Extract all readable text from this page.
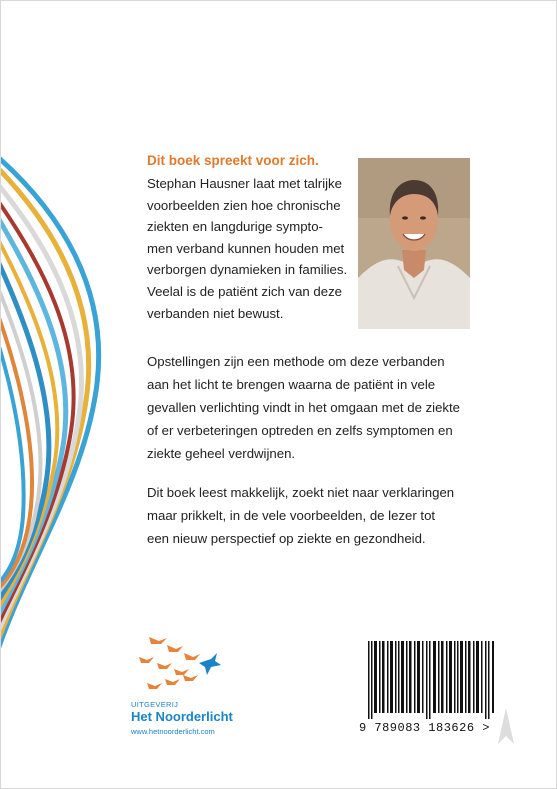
Dit boek spreekt voor zich.
Stephan Hausner laat met talrijke
voorbeelden zien hoe chronische
ziekten en langdurige sympto-
men verband kunnen houden met
verborgen dynamieken in families.
Veelal is de patiënt zich van deze
verbanden niet bewust.
Opstellingen zijn een methode om deze verbanden
aan het licht te brengen waarna de patiënt in vele
gevallen verlichting vindt in het omgaan met de ziekte
of er verbeteringen optreden en zelfs symptomen en
ziekte geheel verdwijnen.
Dit boek leest makkelijk, zoekt niet naar verklaringen
maar prikkelt, in de vele voorbeelden, de lezer tot
een nieuw perspectief op ziekte en gezondheid.
UITGEVERIJ
Het Noorderlicht
www.hetnoorderlicht.com	9 789083 183626 >
